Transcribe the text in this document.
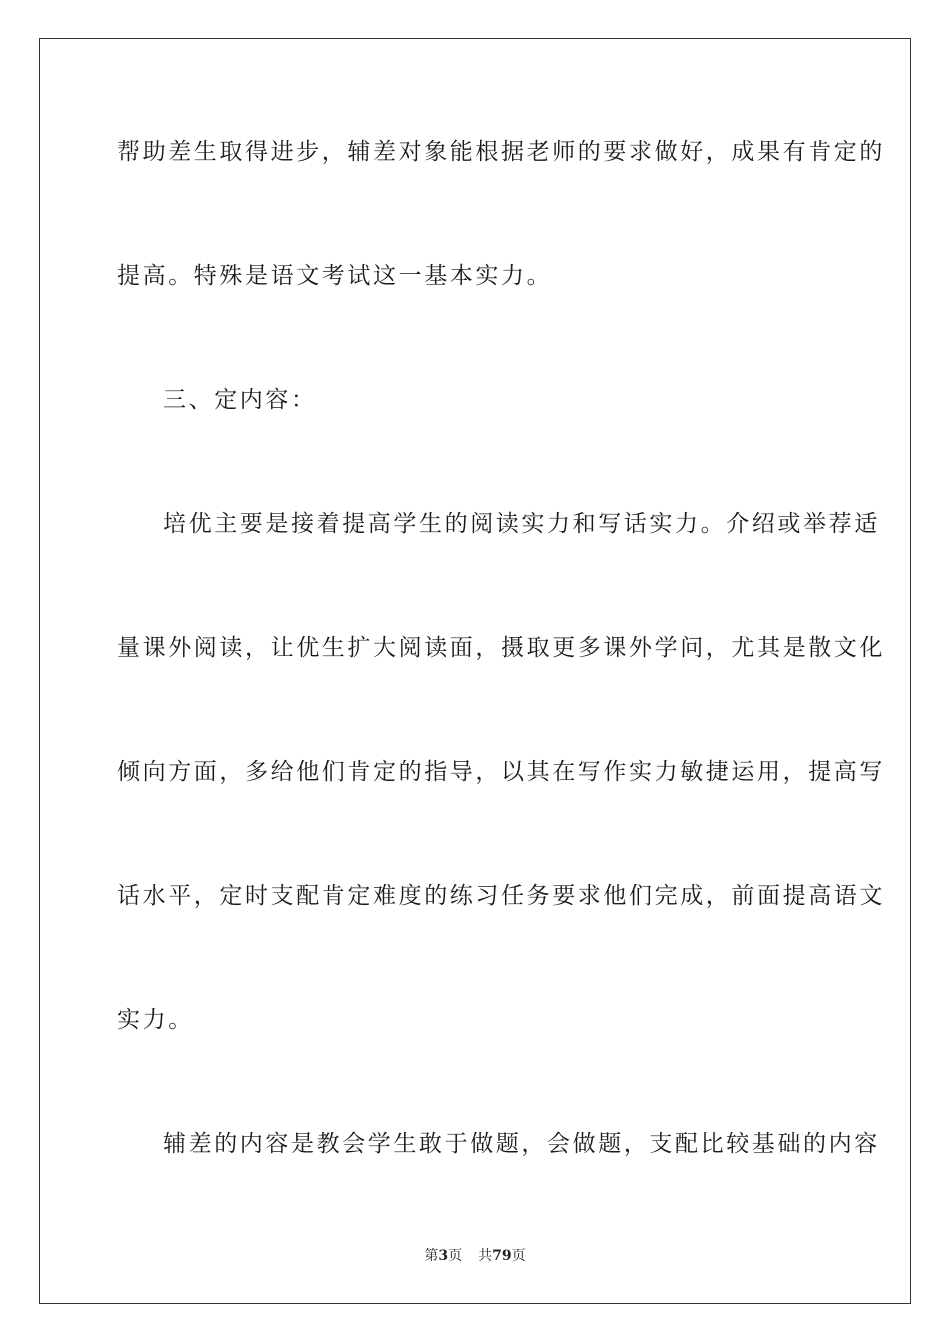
帮助差生取得进步，辅差对象能根据老师的要求做好，成果有肯定的
提高。特殊是语文考试这一基本实力。
三、定内容：
培优主要是接着提高学生的阅读实力和写话实力。介绍或举荐适
量课外阅读，让优生扩大阅读面，摄取更多课外学问，尤其是散文化
倾向方面，多给他们肯定的指导，以其在写作实力敏捷运用，提高写
话水平，定时支配肯定难度的练习任务要求他们完成，前面提高语文
实力。
辅差的内容是教会学生敢于做题，会做题，支配比较基础的内容
第3页 共79页
